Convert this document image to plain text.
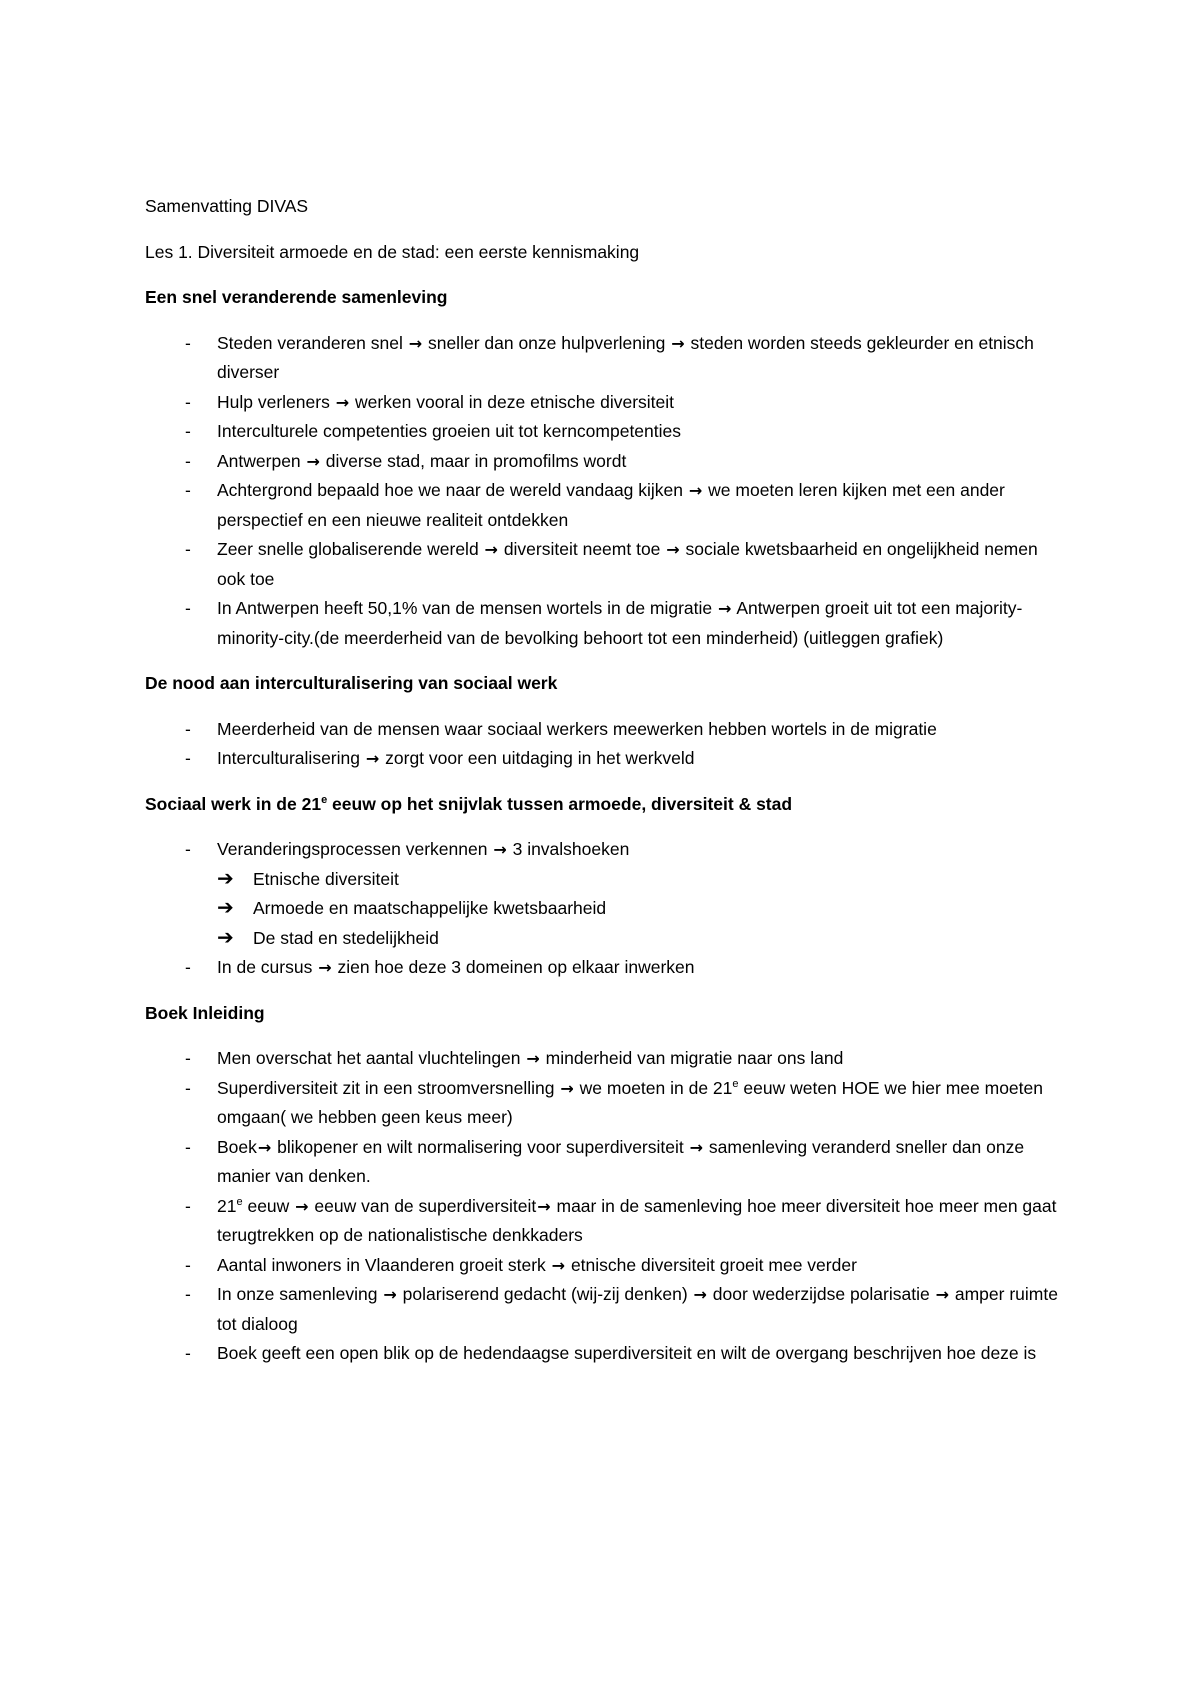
Samenvatting DIVAS

Les 1. Diversiteit armoede en de stad: een eerste kennismaking

Een snel veranderende samenleving

- Steden veranderen snel → sneller dan onze hulpverlening → steden worden steeds gekleurder en etnisch diverser
- Hulp verleners → werken vooral in deze etnische diversiteit
- Interculturele competenties groeien uit tot kerncompetenties
- Antwerpen → diverse stad, maar in promofilms wordt
- Achtergrond bepaald hoe we naar de wereld vandaag kijken → we moeten leren kijken met een ander perspectief en een nieuwe realiteit ontdekken
- Zeer snelle globaliserende wereld → diversiteit neemt toe → sociale kwetsbaarheid en ongelijkheid nemen ook toe
- In Antwerpen heeft 50,1% van de mensen wortels in de migratie → Antwerpen groeit uit tot een majority-minority-city.(de meerderheid van de bevolking behoort tot een minderheid) (uitleggen grafiek)

De nood aan interculturalisering van sociaal werk

- Meerderheid van de mensen waar sociaal werkers meewerken hebben wortels in de migratie
- Interculturalisering → zorgt voor een uitdaging in het werkveld

Sociaal werk in de 21e eeuw op het snijvlak tussen armoede, diversiteit & stad

- Veranderingsprocessen verkennen → 3 invalshoeken
➔ Etnische diversiteit
➔ Armoede en maatschappelijke kwetsbaarheid
➔ De stad en stedelijkheid
- In de cursus → zien hoe deze 3 domeinen op elkaar inwerken

Boek Inleiding

- Men overschat het aantal vluchtelingen → minderheid van migratie naar ons land
- Superdiversiteit zit in een stroomversnelling → we moeten in de 21e eeuw weten HOE we hier mee moeten omgaan( we hebben geen keus meer)
- Boek→ blikopener en wilt normalisering voor superdiversiteit → samenleving veranderd sneller dan onze manier van denken.
- 21e eeuw → eeuw van de superdiversiteit→ maar in de samenleving hoe meer diversiteit hoe meer men gaat terugtrekken op de nationalistische denkkaders
- Aantal inwoners in Vlaanderen groeit sterk → etnische diversiteit groeit mee verder
- In onze samenleving → polariserend gedacht (wij-zij denken) → door wederzijdse polarisatie → amper ruimte tot dialoog
- Boek geeft een open blik op de hedendaagse superdiversiteit en wilt de overgang beschrijven hoe deze is
